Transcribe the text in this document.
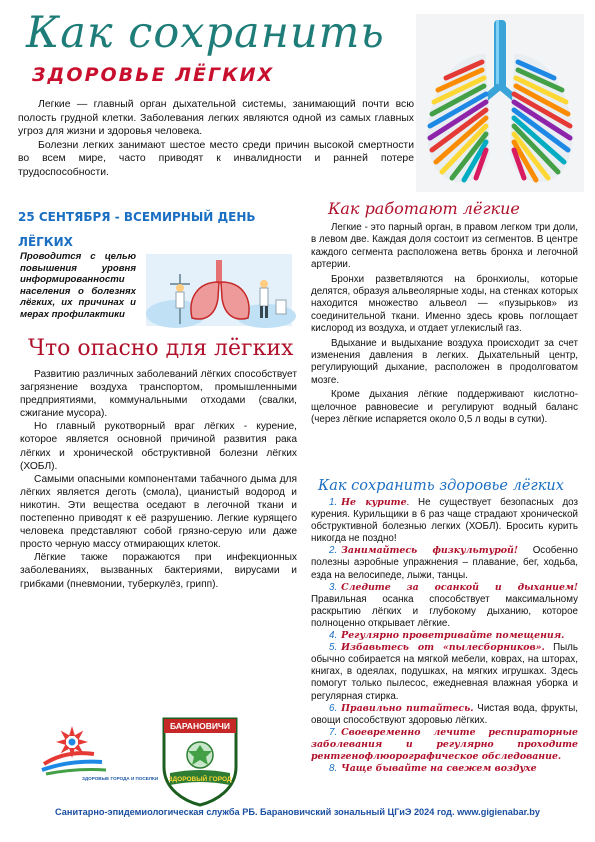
Как сохранить
ЗДОРОВЬЕ ЛЁГКИХ

Легкие — главный орган дыхательной системы, занимающий почти всю полость грудной клетки. Заболевания легких являются одной из самых главных угроз для жизни и здоровья человека.

Болезни легких занимают шестое место среди причин высокой смертности во всем мире, часто приводят к инвалидности и ранней потере трудоспособности.

25 СЕНТЯБРЯ - ВСЕМИРНЫЙ ДЕНЬ ЛЁГКИХ
Проводится с целью повышения уровня информированности населения о болезнях лёгких, их причинах и мерах профилактики
Что опасно для лёгких

Развитию различных заболеваний лёгких способствует загрязнение воздуха транспортом, промышленными предприятиями, коммунальными отходами (свалки, сжигание мусора).

Но главный рукотворный враг лёгких - курение, которое является основной причиной развития рака лёгких и хронической обструктивной болезни лёгких (ХОБЛ).

Самыми опасными компонентами табачного дыма для лёгких является деготь (смола), цианистый водород и никотин. Эти вещества оседают в легочной ткани и постепенно приводят к её разрушению. Легкие курящего человека представляют собой грязно-серую или даже просто черную массу отмирающих клеток.

Лёгкие также поражаются при инфекционных заболеваниях, вызванных бактериями, вирусами и грибками (пневмонии, туберкулёз, грипп).

ЗДОРОВЫЕ ГОРОДА И ПОСЕЛКИ
БАРАНОВИЧИ
ЗДОРОВЫЙ ГОРОД
Как работают лёгкие

Легкие - это парный орган, в правом легком три доли, в левом две. Каждая доля состоит из сегментов. В центре каждого сегмента расположена ветвь бронха и легочной артерии.

Бронхи разветвляются на бронхиолы, которые делятся, образуя альвеолярные ходы, на стенках которых находится множество альвеол — «пузырьков» из соединительной ткани. Именно здесь кровь поглощает кислород из воздуха, и отдает углекислый газ.

Вдыхание и выдыхание воздуха происходит за счет изменения давления в легких. Дыхательный центр, регулирующий дыхание, расположен в продолговатом мозге.

Кроме дыхания лёгкие поддерживают кислотно-щелочное равновесие и регулируют водный баланс (через лёгкие испаряется около 0,5 л воды в сутки).

Как сохранить здоровье лёгких
1. Не курите. Не существует безопасных доз курения. Курильщики в 6 раз чаще страдают хронической обструктивной болезнью легких (ХОБЛ). Бросить курить никогда не поздно!
2. Занимайтесь физкультурой! Особенно полезны аэробные упражнения – плавание, бег, ходьба, езда на велосипеде, лыжи, танцы.
3. Следите за осанкой и дыханием! Правильная осанка способствует максимальному раскрытию лёгких и глубокому дыханию, которое полноценно открывает лёгкие.
4. Регулярно проветривайте помещения.
5. Избавьтесь от «пылесборников». Пыль обычно собирается на мягкой мебели, коврах, на шторах, книгах, в одеялах, подушках, на мягких игрушках. Здесь помогут только пылесос, ежедневная влажная уборка и регулярная стирка.
6. Правильно питайтесь. Чистая вода, фрукты, овощи способствуют здоровью лёгких.
7. Своевременно лечите респираторные заболевания и регулярно проходите рентгенофлюорографическое обследование.
8. Чаще бывайте на свежем воздухе
Санитарно-эпидемиологическая служба РБ. Барановичский зональный ЦГиЭ 2024 год. www.gigienabar.by
